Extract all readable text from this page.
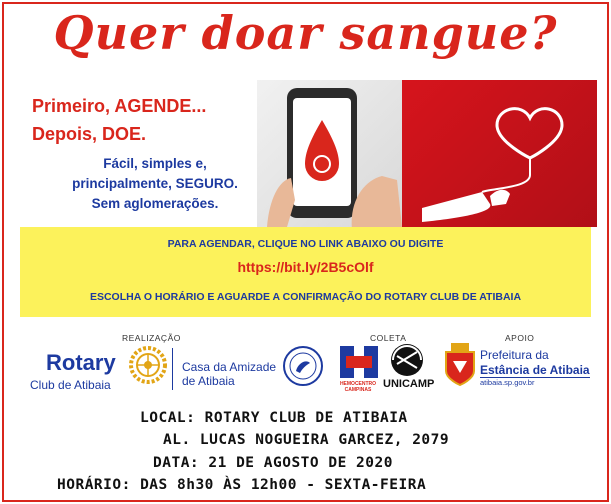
Quer doar sangue?
Primeiro, AGENDE...
Depois, DOE.
Fácil, simples e,
principalmente, SEGURO.
Sem aglomerações.
PARA AGENDAR, CLIQUE NO LINK ABAIXO OU DIGITE
https://bit.ly/2B5cOlf
ESCOLHA O HORÁRIO E AGUARDE A CONFIRMAÇÃO DO ROTARY CLUB DE ATIBAIA
REALIZAÇÃO	COLETA	APOIO
Rotary
Club de Atibaia
Casa da Amizade
de Atibaia	HEMOCENTRO CAMPINAS	UNICAMP
Prefeitura da
Estância de Atibaia
atibaia.sp.gov.br
LOCAL: ROTARY CLUB DE ATIBAIA
AL. LUCAS NOGUEIRA GARCEZ, 2079
DATA: 21 DE AGOSTO DE 2020
HORÁRIO: DAS 8h30 ÀS 12h00 - SEXTA-FEIRA
